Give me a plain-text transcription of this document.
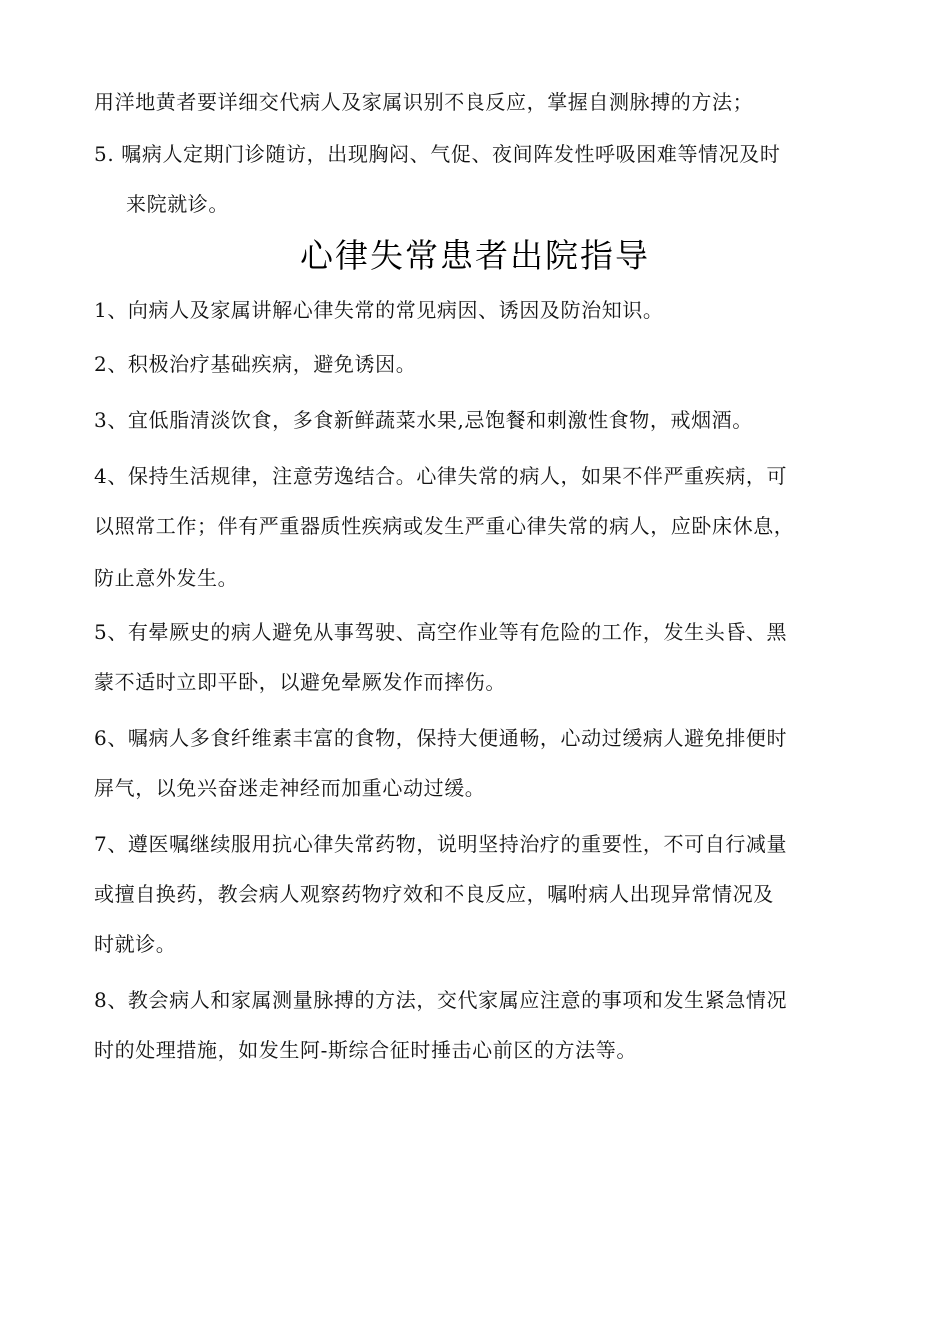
用洋地黄者要详细交代病人及家属识别不良反应，掌握自测脉搏的方法；
5. 嘱病人定期门诊随访，出现胸闷、气促、夜间阵发性呼吸困难等情况及时
来院就诊。
心律失常患者出院指导
1、向病人及家属讲解心律失常的常见病因、诱因及防治知识。
2、积极治疗基础疾病，避免诱因。
3、宜低脂清淡饮食，多食新鲜蔬菜水果,忌饱餐和刺激性食物，戒烟酒。
4、保持生活规律，注意劳逸结合。心律失常的病人，如果不伴严重疾病，可
以照常工作；伴有严重器质性疾病或发生严重心律失常的病人，应卧床休息，
防止意外发生。
5、有晕厥史的病人避免从事驾驶、高空作业等有危险的工作，发生头昏、黑
蒙不适时立即平卧，以避免晕厥发作而摔伤。
6、嘱病人多食纤维素丰富的食物，保持大便通畅，心动过缓病人避免排便时
屏气，以免兴奋迷走神经而加重心动过缓。
7、遵医嘱继续服用抗心律失常药物，说明坚持治疗的重要性，不可自行减量
或擅自换药，教会病人观察药物疗效和不良反应，嘱咐病人出现异常情况及
时就诊。
8、教会病人和家属测量脉搏的方法，交代家属应注意的事项和发生紧急情况
时的处理措施，如发生阿-斯综合征时捶击心前区的方法等。
